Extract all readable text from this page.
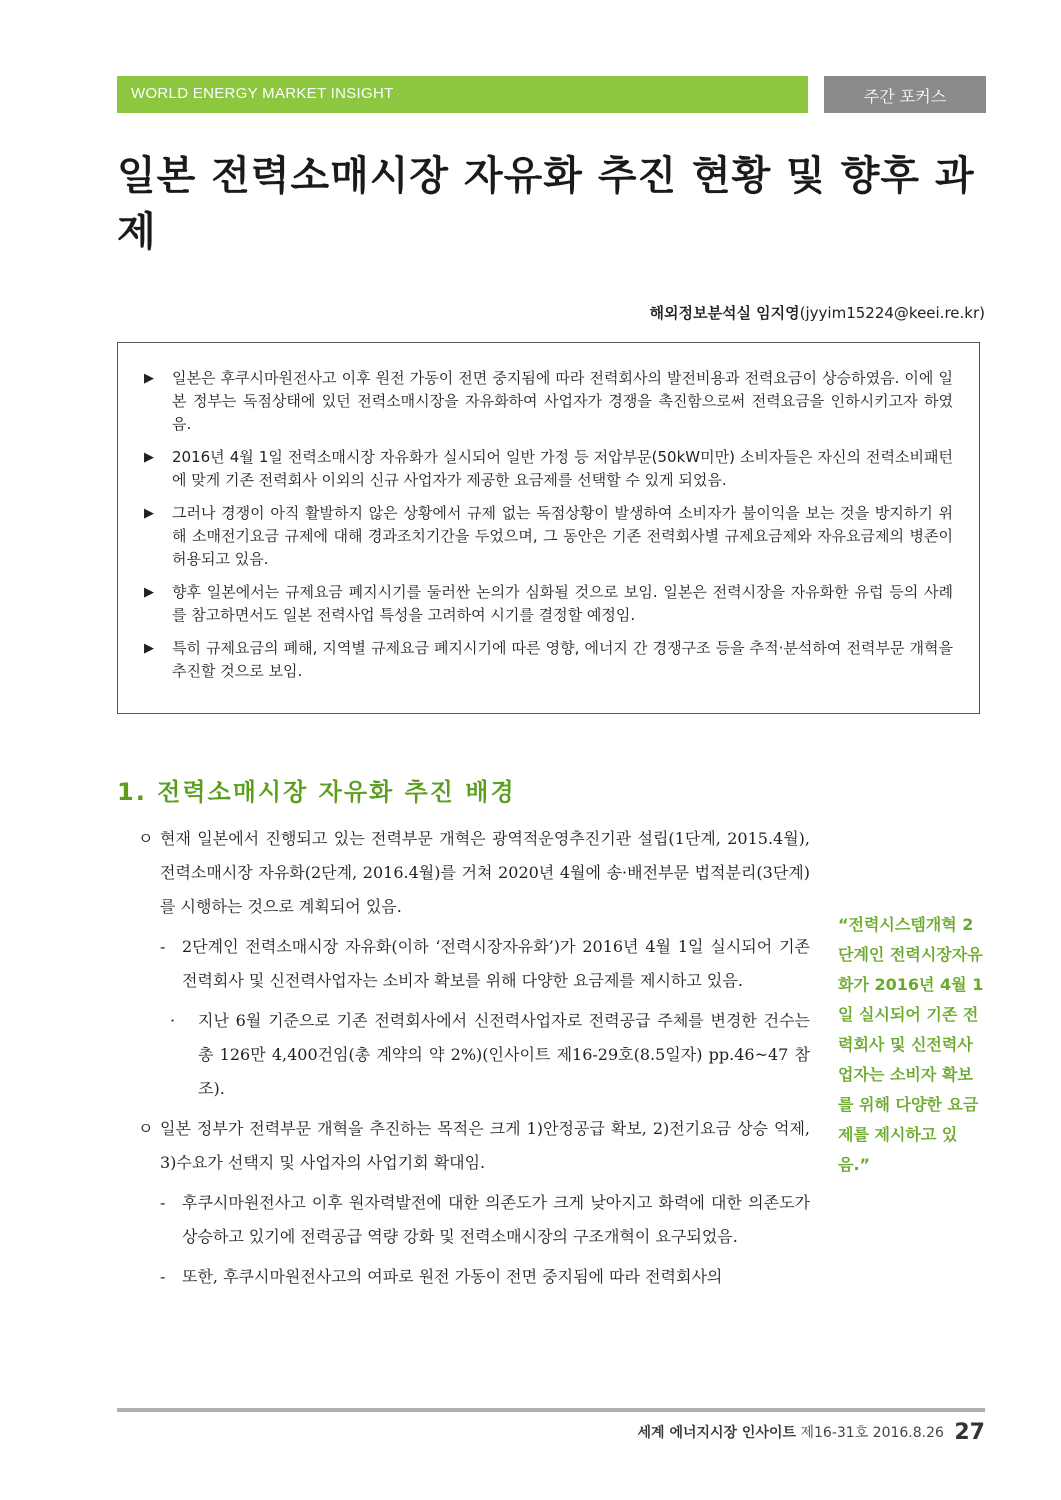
WORLD ENERGY MARKET INSIGHT	주간 포커스
일본 전력소매시장 자유화 추진 현황 및 향후 과제
해외정보분석실 임지영(jyyim15224@keei.re.kr)
▶ 일본은 후쿠시마원전사고 이후 원전 가동이 전면 중지됨에 따라 전력회사의 발전비용과 전력요금이 상승하였음. 이에 일본 정부는 독점상태에 있던 전력소매시장을 자유화하여 사업자가 경쟁을 촉진함으로써 전력요금을 인하시키고자 하였음.
▶ 2016년 4월 1일 전력소매시장 자유화가 실시되어 일반 가정 등 저압부문(50kW미만) 소비자들은 자신의 전력소비패턴에 맞게 기존 전력회사 이외의 신규 사업자가 제공한 요금제를 선택할 수 있게 되었음.
▶ 그러나 경쟁이 아직 활발하지 않은 상황에서 규제 없는 독점상황이 발생하여 소비자가 불이익을 보는 것을 방지하기 위해 소매전기요금 규제에 대해 경과조치기간을 두었으며, 그 동안은 기존 전력회사별 규제요금제와 자유요금제의 병존이 허용되고 있음.
▶ 향후 일본에서는 규제요금 폐지시기를 둘러싼 논의가 심화될 것으로 보임. 일본은 전력시장을 자유화한 유럽 등의 사례를 참고하면서도 일본 전력사업 특성을 고려하여 시기를 결정할 예정임.
▶ 특히 규제요금의 폐해, 지역별 규제요금 폐지시기에 따른 영향, 에너지 간 경쟁구조 등을 추적·분석하여 전력부문 개혁을 추진할 것으로 보임.
1. 전력소매시장 자유화 추진 배경
ㅇ 현재 일본에서 진행되고 있는 전력부문 개혁은 광역적운영추진기관 설립(1단계, 2015.4월), 전력소매시장 자유화(2단계, 2016.4월)를 거쳐 2020년 4월에 송·배전부문 법적분리(3단계)를 시행하는 것으로 계획되어 있음.
- 2단계인 전력소매시장 자유화(이하 ‘전력시장자유화’)가 2016년 4월 1일 실시되어 기존 전력회사 및 신전력사업자는 소비자 확보를 위해 다양한 요금제를 제시하고 있음.
· 지난 6월 기준으로 기존 전력회사에서 신전력사업자로 전력공급 주체를 변경한 건수는 총 126만 4,400건임(총 계약의 약 2%)(인사이트 제16-29호(8.5일자) pp.46~47 참조).
ㅇ 일본 정부가 전력부문 개혁을 추진하는 목적은 크게 1)안정공급 확보, 2)전기요금 상승 억제, 3)수요가 선택지 및 사업자의 사업기회 확대임.
- 후쿠시마원전사고 이후 원자력발전에 대한 의존도가 크게 낮아지고 화력에 대한 의존도가 상승하고 있기에 전력공급 역량 강화 및 전력소매시장의 구조개혁이 요구되었음.
- 또한, 후쿠시마원전사고의 여파로 원전 가동이 전면 중지됨에 따라 전력회사의
“전력시스템개혁 2단계인 전력시장자유화가 2016년 4월 1일 실시되어 기존 전력회사 및 신전력사업자는 소비자 확보를 위해 다양한 요금제를 제시하고 있음.”
세계 에너지시장 인사이트 제16-31호 2016.8.26 27
